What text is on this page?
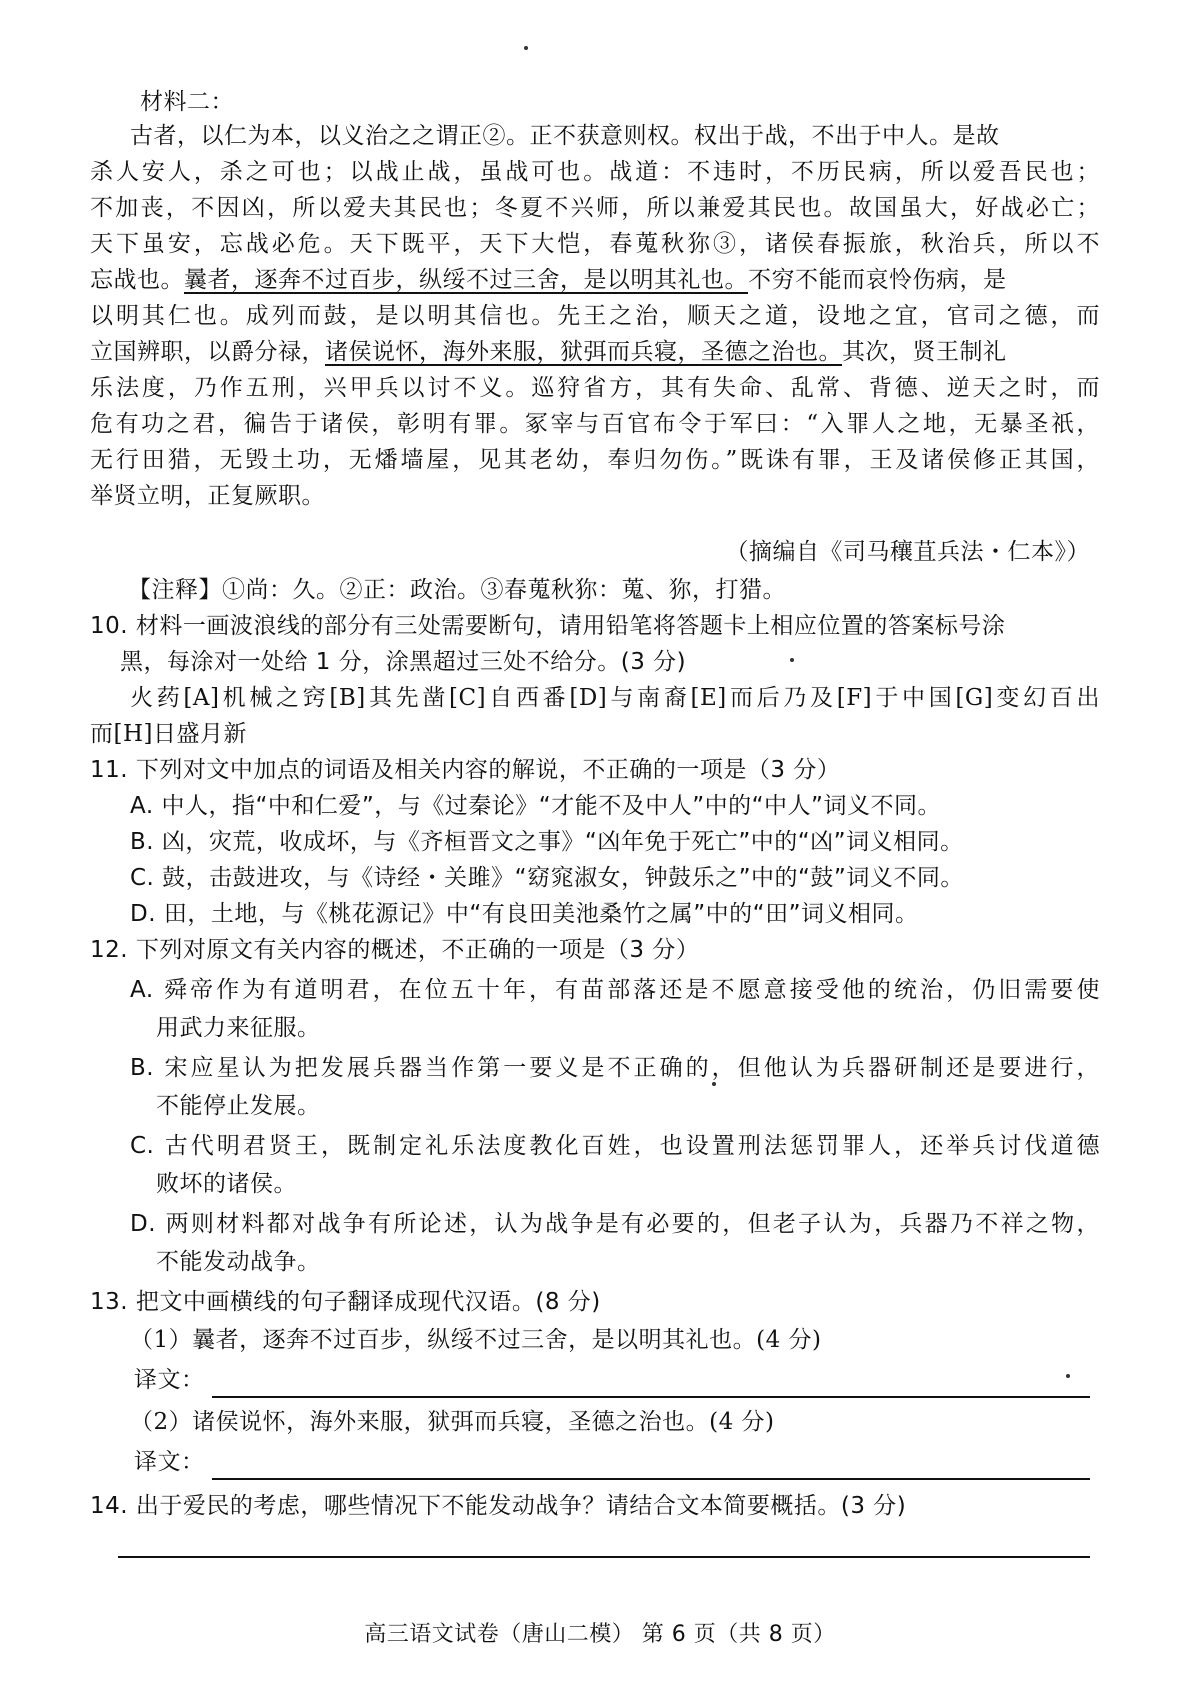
材料二：
古者，以仁为本，以义治之之谓正②。正不获意则权。权出于战，不出于中人。是故
杀人安人，杀之可也；以战止战，虽战可也。战道：不违时，不历民病，所以爱吾民也；
不加丧，不因凶，所以爱夫其民也；冬夏不兴师，所以兼爱其民也。故国虽大，好战必亡；
天下虽安，忘战必危。天下既平，天下大恺，春蒐秋狝③，诸侯春振旅，秋治兵，所以不
忘战也。曩者，逐奔不过百步，纵绥不过三舍，是以明其礼也。不穷不能而哀怜伤病，是
以明其仁也。成列而鼓，是以明其信也。先王之治，顺天之道，设地之宜，官司之德，而
立国辨职，以爵分禄，诸侯说怀，海外来服，狱弭而兵寝，圣德之治也。其次，贤王制礼
乐法度，乃作五刑，兴甲兵以讨不义。巡狩省方，其有失命、乱常、背德、逆天之时，而
危有功之君，徧告于诸侯，彰明有罪。冢宰与百官布令于军曰：“入罪人之地，无暴圣祇，
无行田猎，无毁土功，无燔墙屋，见其老幼，奉归勿伤。”既诛有罪，王及诸侯修正其国，
举贤立明，正复厥职。
（摘编自《司马穰苴兵法・仁本》）
【注释】①尚：久。②正：政治。③春蒐秋狝：蒐、狝，打猎。
10. 材料一画波浪线的部分有三处需要断句，请用铅笔将答题卡上相应位置的答案标号涂
黑，每涂对一处给 1 分，涂黑超过三处不给分。(3 分)
火药[A]机械之窍[B]其先凿[C]自西番[D]与南裔[E]而后乃及[F]于中国[G]变幻百出
而[H]日盛月新
11. 下列对文中加点的词语及相关内容的解说，不正确的一项是（3 分）
A. 中人，指“中和仁爱”，与《过秦论》“才能不及中人”中的“中人”词义不同。
B. 凶，灾荒，收成坏，与《齐桓晋文之事》“凶年免于死亡”中的“凶”词义相同。
C. 鼓，击鼓进攻，与《诗经・关雎》“窈窕淑女，钟鼓乐之”中的“鼓”词义不同。
D. 田，土地，与《桃花源记》中“有良田美池桑竹之属”中的“田”词义相同。
12. 下列对原文有关内容的概述，不正确的一项是（3 分）
A. 舜帝作为有道明君，在位五十年，有苗部落还是不愿意接受他的统治，仍旧需要使
用武力来征服。
B. 宋应星认为把发展兵器当作第一要义是不正确的，但他认为兵器研制还是要进行，
不能停止发展。
C. 古代明君贤王，既制定礼乐法度教化百姓，也设置刑法惩罚罪人，还举兵讨伐道德
败坏的诸侯。
D. 两则材料都对战争有所论述，认为战争是有必要的，但老子认为，兵器乃不祥之物，
不能发动战争。
13. 把文中画横线的句子翻译成现代汉语。(8 分)
（1）曩者，逐奔不过百步，纵绥不过三舍，是以明其礼也。(4 分)
译文：
（2）诸侯说怀，海外来服，狱弭而兵寝，圣德之治也。(4 分)
译文：
14. 出于爱民的考虑，哪些情况下不能发动战争？请结合文本简要概括。(3 分)
高三语文试卷（唐山二模） 第 6 页（共 8 页）
